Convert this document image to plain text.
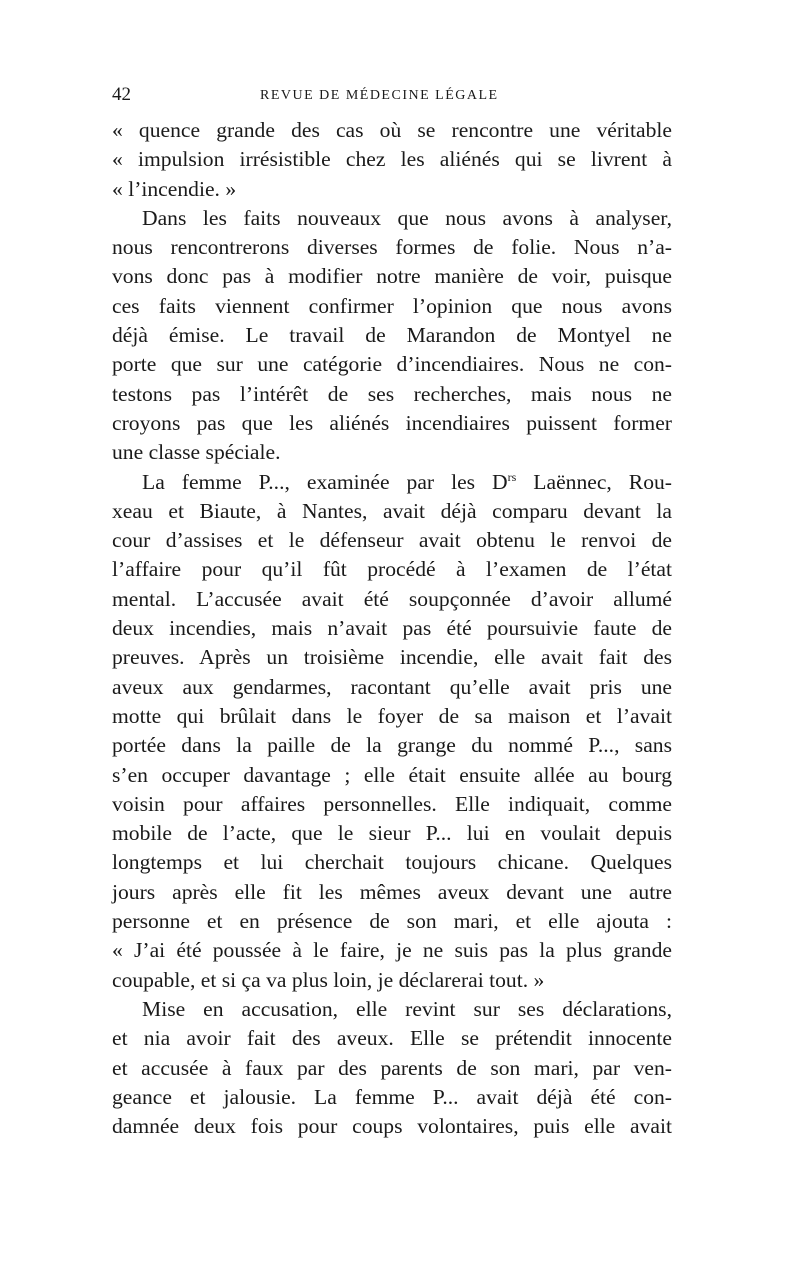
42	REVUE DE MÉDECINE LÉGALE
« quence grande des cas où se rencontre une véritable
« impulsion irrésistible chez les aliénés qui se livrent à
« l’incendie. »
Dans les faits nouveaux que nous avons à analyser,
nous rencontrerons diverses formes de folie. Nous n’a-
vons donc pas à modifier notre manière de voir, puisque
ces faits viennent confirmer l’opinion que nous avons
déjà émise. Le travail de Marandon de Montyel ne
porte que sur une catégorie d’incendiaires. Nous ne con-
testons pas l’intérêt de ses recherches, mais nous ne
croyons pas que les aliénés incendiaires puissent former
une classe spéciale.
La femme P..., examinée par les $D^{rs}$ Laënnec, Rou-
xeau et Biaute, à Nantes, avait déjà comparu devant la
cour d’assises et le défenseur avait obtenu le renvoi de
l’affaire pour qu’il fût procédé à l’examen de l’état
mental. L’accusée avait été soupçonnée d’avoir allumé
deux incendies, mais n’avait pas été poursuivie faute de
preuves. Après un troisième incendie, elle avait fait des
aveux aux gendarmes, racontant qu’elle avait pris une
motte qui brûlait dans le foyer de sa maison et l’avait
portée dans la paille de la grange du nommé P..., sans
s’en occuper davantage ; elle était ensuite allée au bourg
voisin pour affaires personnelles. Elle indiquait, comme
mobile de l’acte, que le sieur P... lui en voulait depuis
longtemps et lui cherchait toujours chicane. Quelques
jours après elle fit les mêmes aveux devant une autre
personne et en présence de son mari, et elle ajouta :
« J’ai été poussée à le faire, je ne suis pas la plus grande
coupable, et si ça va plus loin, je déclarerai tout. »
Mise en accusation, elle revint sur ses déclarations,
et nia avoir fait des aveux. Elle se prétendit innocente
et accusée à faux par des parents de son mari, par ven-
geance et jalousie. La femme P... avait déjà été con-
damnée deux fois pour coups volontaires, puis elle avait
